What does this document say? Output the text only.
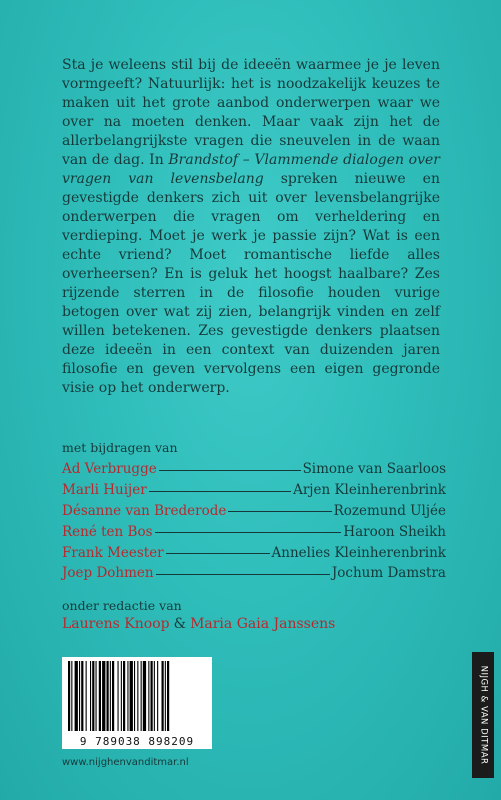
Sta je weleens stil bij de ideeën waarmee je je leven vormgeeft? Natuurlijk: het is noodzakelijk keuzes te maken uit het grote aanbod onderwerpen waar we over na moeten denken. Maar vaak zijn het de allerbelangrijkste vragen die sneuvelen in de waan van de dag. In Brandstof – Vlammende dialogen over vragen van levensbelang spreken nieuwe en gevestigde denkers zich uit over levensbelangrijke onderwerpen die vragen om verheldering en verdieping. Moet je werk je passie zijn? Wat is een echte vriend? Moet romantische liefde alles overheersen? En is geluk het hoogst haalbare? Zes rijzende sterren in de filosofie houden vurige betogen over wat zij zien, belangrijk vinden en zelf willen betekenen. Zes gevestigde denkers plaatsen deze ideeën in een context van duizenden jaren filosofie en geven vervolgens een eigen gegronde visie op het onderwerp.

met bijdragen van
Ad Verbrugge	Simone van Saarloos
Marli Huijer	Arjen Kleinherenbrink
Désanne van Brederode	Rozemund Uljée
René ten Bos	Haroon Sheikh
Frank Meester	Annelies Kleinherenbrink
Joep Dohmen	Jochum Damstra
onder redactie van
Laurens Knoop & Maria Gaia Janssens
9 789038 898209
www.nijghenvanditmar.nl	NIJGH & VAN DITMAR
